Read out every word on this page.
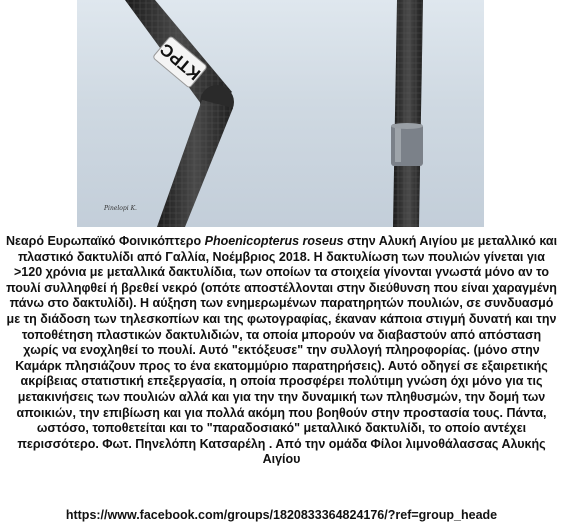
KTPC
Pinelopi K.
Νεαρό Ευρωπαϊκό Φοινικόπτερο Phoenicopterus roseus στην Αλυκή Αιγίου με μεταλλικό και πλαστικό δακτυλίδι από Γαλλία, Νοέμβριος 2018. Η δακτυλίωση των πουλιών γίνεται για >120 χρόνια με μεταλλικά δακτυλίδια, των οποίων τα στοιχεία γίνονται γνωστά μόνο αν το πουλί συλληφθεί ή βρεθεί νεκρό (οπότε αποστέλλονται στην διεύθυνση που είναι χαραγμένη πάνω στο δακτυλίδι). Η αύξηση των ενημερωμένων παρατηρητών πουλιών, σε συνδυασμό με τη διάδοση των τηλεσκοπίων και της φωτογραφίας, έκαναν κάποια στιγμή δυνατή και την τοποθέτηση πλαστικών δακτυλιδιών, τα οποία μπορούν να διαβαστούν από απόσταση χωρίς να ενοχληθεί το πουλί. Αυτό "εκτόξευσε" την συλλογή πληροφορίας. (μόνο στην Καμάρκ πλησιάζουν προς το ένα εκατομμύριο παρατηρήσεις). Αυτό οδηγεί σε εξαιρετικής ακρίβειας στατιστική επεξεργασία, η οποία προσφέρει πολύτιμη γνώση όχι μόνο για τις μετακινήσεις των πουλιών αλλά και για την την δυναμική των πληθυσμών, την δομή των αποικιών, την επιβίωση και για πολλά ακόμη που βοηθούν στην προστασία τους. Πάντα, ωστόσο, τοποθετείται και το "παραδοσιακό" μεταλλικό δακτυλίδι, το οποίο αντέχει περισσότερο. Φωτ. Πηνελόπη Κατσαρέλη . Από την ομάδα Φίλοι λιμνοθάλασσας Αλυκής Αιγίου
https://www.facebook.com/groups/1820833364824176/?ref=group_heade
